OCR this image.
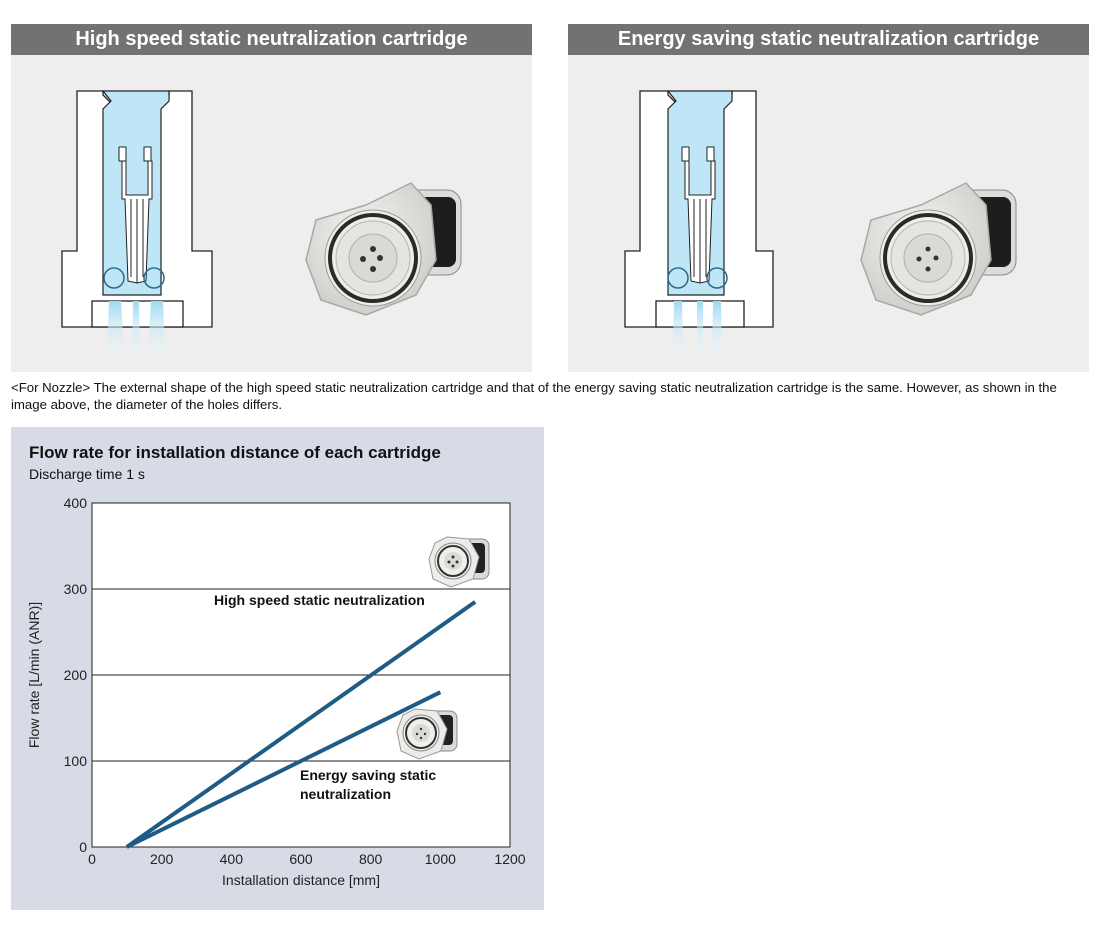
High speed static neutralization cartridge	Energy saving static neutralization cartridge
<For Nozzle> The external shape of the high speed static neutralization cartridge and that of the energy saving static neutralization cartridge is the same. However, as shown in the image above, the diameter of the holes differs.
Flow rate for installation distance of each cartridge
Discharge time 1 s
0	200	400	600	800	1000	1200
0
100
200
300
400
Installation distance [mm]
Flow rate [L/min (ANR)]
High speed static neutralization
Energy saving static neutralization
